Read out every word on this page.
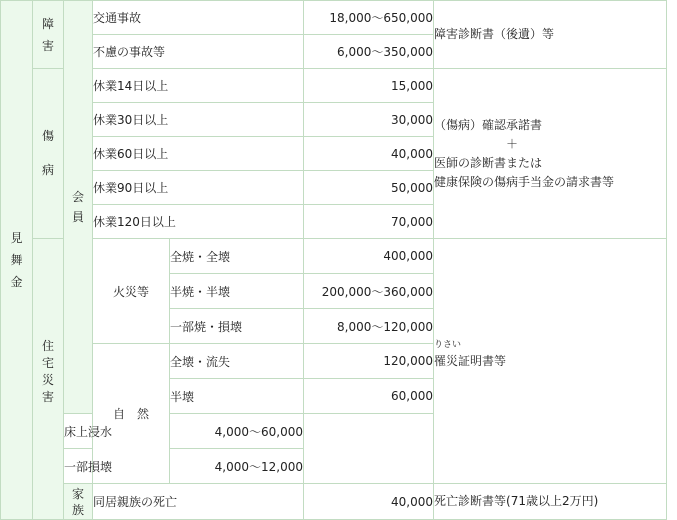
見舞金	障害	会員	交通事故		18,000～650,000	障害診断書（後遺）等
			不慮の事故等		6,000～350,000	
	傷病		休業14日以上		15,000	（傷病）確認承諾書
＋
医師の診断書または
健康保険の傷病手当金の請求書等

			休業30日以上		30,000	
			休業60日以上		40,000	
			休業90日以上		50,000	
			休業120日以上		70,000	
	住宅災害		火災等	全焼・全壊	400,000	りさい
罹災証明書等
				半焼・半壊	200,000～360,000	
				一部焼・損壊	8,000～120,000	
			自　然	全壊・流失	120,000	
				半壊	60,000	
		床上浸水		4,000～60,000		
		一部損壊		4,000～12,000		
		家族	同居親族の死亡		40,000	死亡診断書等(71歳以上2万円)
